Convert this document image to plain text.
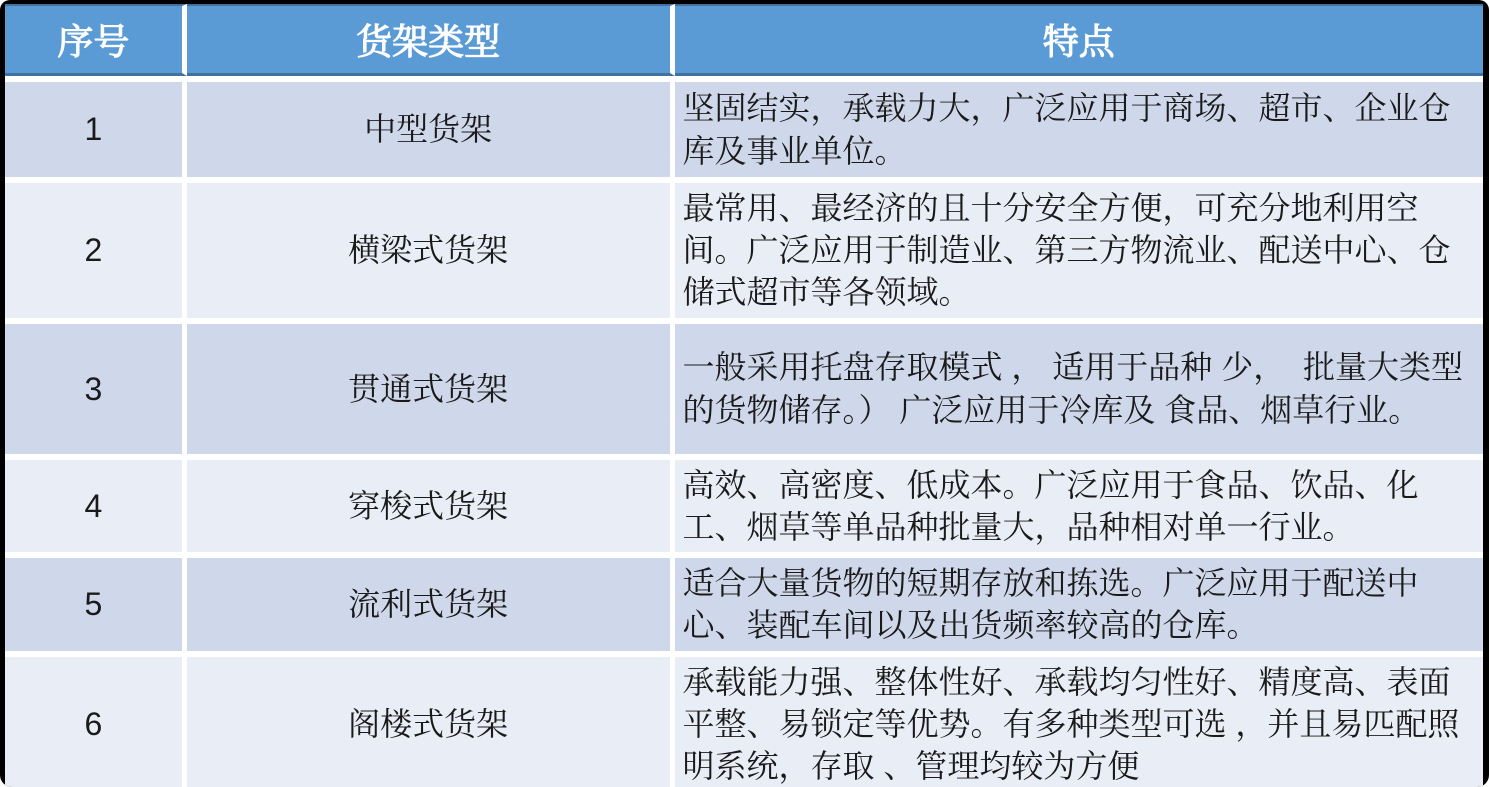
序号	货架类型	特点
1	中型货架	坚固结实，承载力大，广泛应用于商场、超市、企业仓库及事业单位。
2	横梁式货架	最常用、最经济的且十分安全方便，可充分地利用空间。广泛应用于制造业、第三方物流业、配送中心、仓储式超市等各领域。
3	贯通式货架	一般采用托盘存取模式 ， 适用于品种 少，  批量大类型的货物储存。） 广泛应用于冷库及 食品、烟草行业。
4	穿梭式货架	高效、高密度、低成本。广泛应用于食品、饮品、化工、烟草等单品种批量大，品种相对单一行业。
5	流利式货架	适合大量货物的短期存放和拣选。广泛应用于配送中心、装配车间以及出货频率较高的仓库。
6	阁楼式货架	承载能力强、整体性好、承载均匀性好、精度高、表面平整、易锁定等优势。有多种类型可选 ，并且易匹配照明系统，存取 、管理均较为方便
